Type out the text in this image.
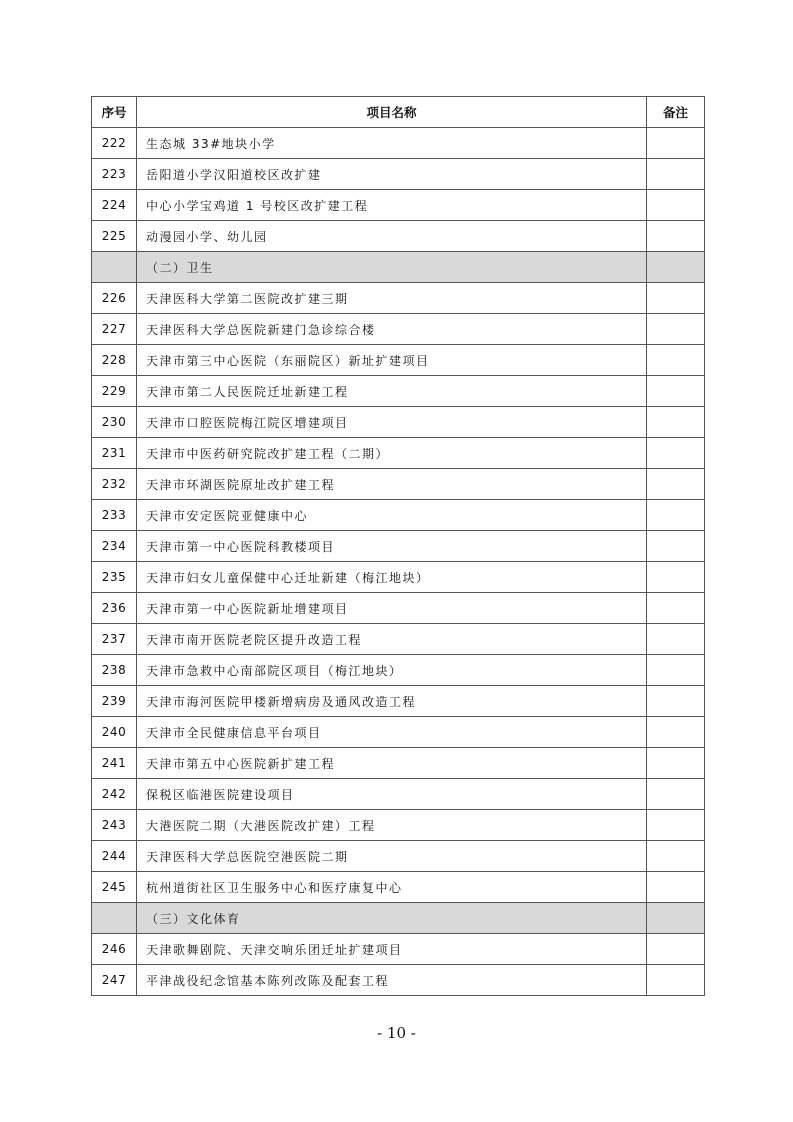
序号	项目名称	备注
222	生态城 33#地块小学	
223	岳阳道小学汉阳道校区改扩建	
224	中心小学宝鸡道 1 号校区改扩建工程	
225	动漫园小学、幼儿园	
	（二）卫生	
226	天津医科大学第二医院改扩建三期	
227	天津医科大学总医院新建门急诊综合楼	
228	天津市第三中心医院（东丽院区）新址扩建项目	
229	天津市第二人民医院迁址新建工程	
230	天津市口腔医院梅江院区增建项目	
231	天津市中医药研究院改扩建工程（二期）	
232	天津市环湖医院原址改扩建工程	
233	天津市安定医院亚健康中心	
234	天津市第一中心医院科教楼项目	
235	天津市妇女儿童保健中心迁址新建（梅江地块）	
236	天津市第一中心医院新址增建项目	
237	天津市南开医院老院区提升改造工程	
238	天津市急救中心南部院区项目（梅江地块）	
239	天津市海河医院甲楼新增病房及通风改造工程	
240	天津市全民健康信息平台项目	
241	天津市第五中心医院新扩建工程	
242	保税区临港医院建设项目	
243	大港医院二期（大港医院改扩建）工程	
244	天津医科大学总医院空港医院二期	
245	杭州道街社区卫生服务中心和医疗康复中心	
	（三）文化体育	
246	天津歌舞剧院、天津交响乐团迁址扩建项目	
247	平津战役纪念馆基本陈列改陈及配套工程	
- 10 -
